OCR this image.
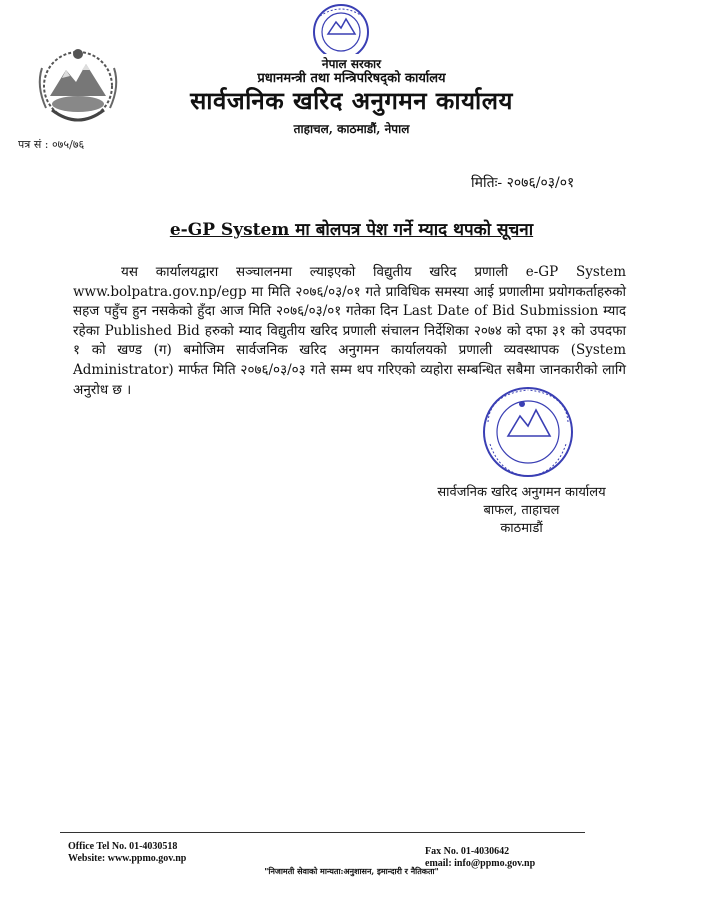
नेपाल सरकार
प्रधानमन्त्री तथा मन्त्रिपरिषद्को कार्यालय
सार्वजनिक खरिद अनुगमन कार्यालय
ताहाचल, काठमाडौं, नेपाल
पत्र सं : ०७५/७६
मितिः- २०७६/०३/०१
e-GP System मा बोलपत्र पेश गर्ने म्याद थपको सूचना
यस कार्यालयद्वारा सञ्चालनमा ल्याइएको विद्युतीय खरिद प्रणाली e-GP System www.bolpatra.gov.np/egp मा मिति २०७६/०३/०१ गते प्राविधिक समस्या आई प्रणालीमा प्रयोगकर्ताहरुको सहज पहुँच हुन नसकेको हुँदा आज मिति २०७६/०३/०१ गतेका दिन Last Date of Bid Submission म्याद रहेका Published Bid हरुको म्याद विद्युतीय खरिद प्रणाली संचालन निर्देशिका २०७४ को दफा ३१ को उपदफा १ को खण्ड (ग) बमोजिम सार्वजनिक खरिद अनुगमन कार्यालयको प्रणाली व्यवस्थापक (System Administrator) मार्फत मिति २०७६/०३/०३ गते सम्म थप गरिएको व्यहोरा सम्बन्धित सबैमा जानकारीको लागि अनुरोध छ ।
सार्वजनिक खरिद अनुगमन कार्यालय
बाफल, ताहाचल
काठमाडौं
Office Tel No. 01-4030518
Website: www.ppmo.gov.np
Fax No. 01-4030642
email: info@ppmo.gov.np
"निजामती सेवाको मान्यता:अनुशासन, इमान्दारी र नैतिकता"
